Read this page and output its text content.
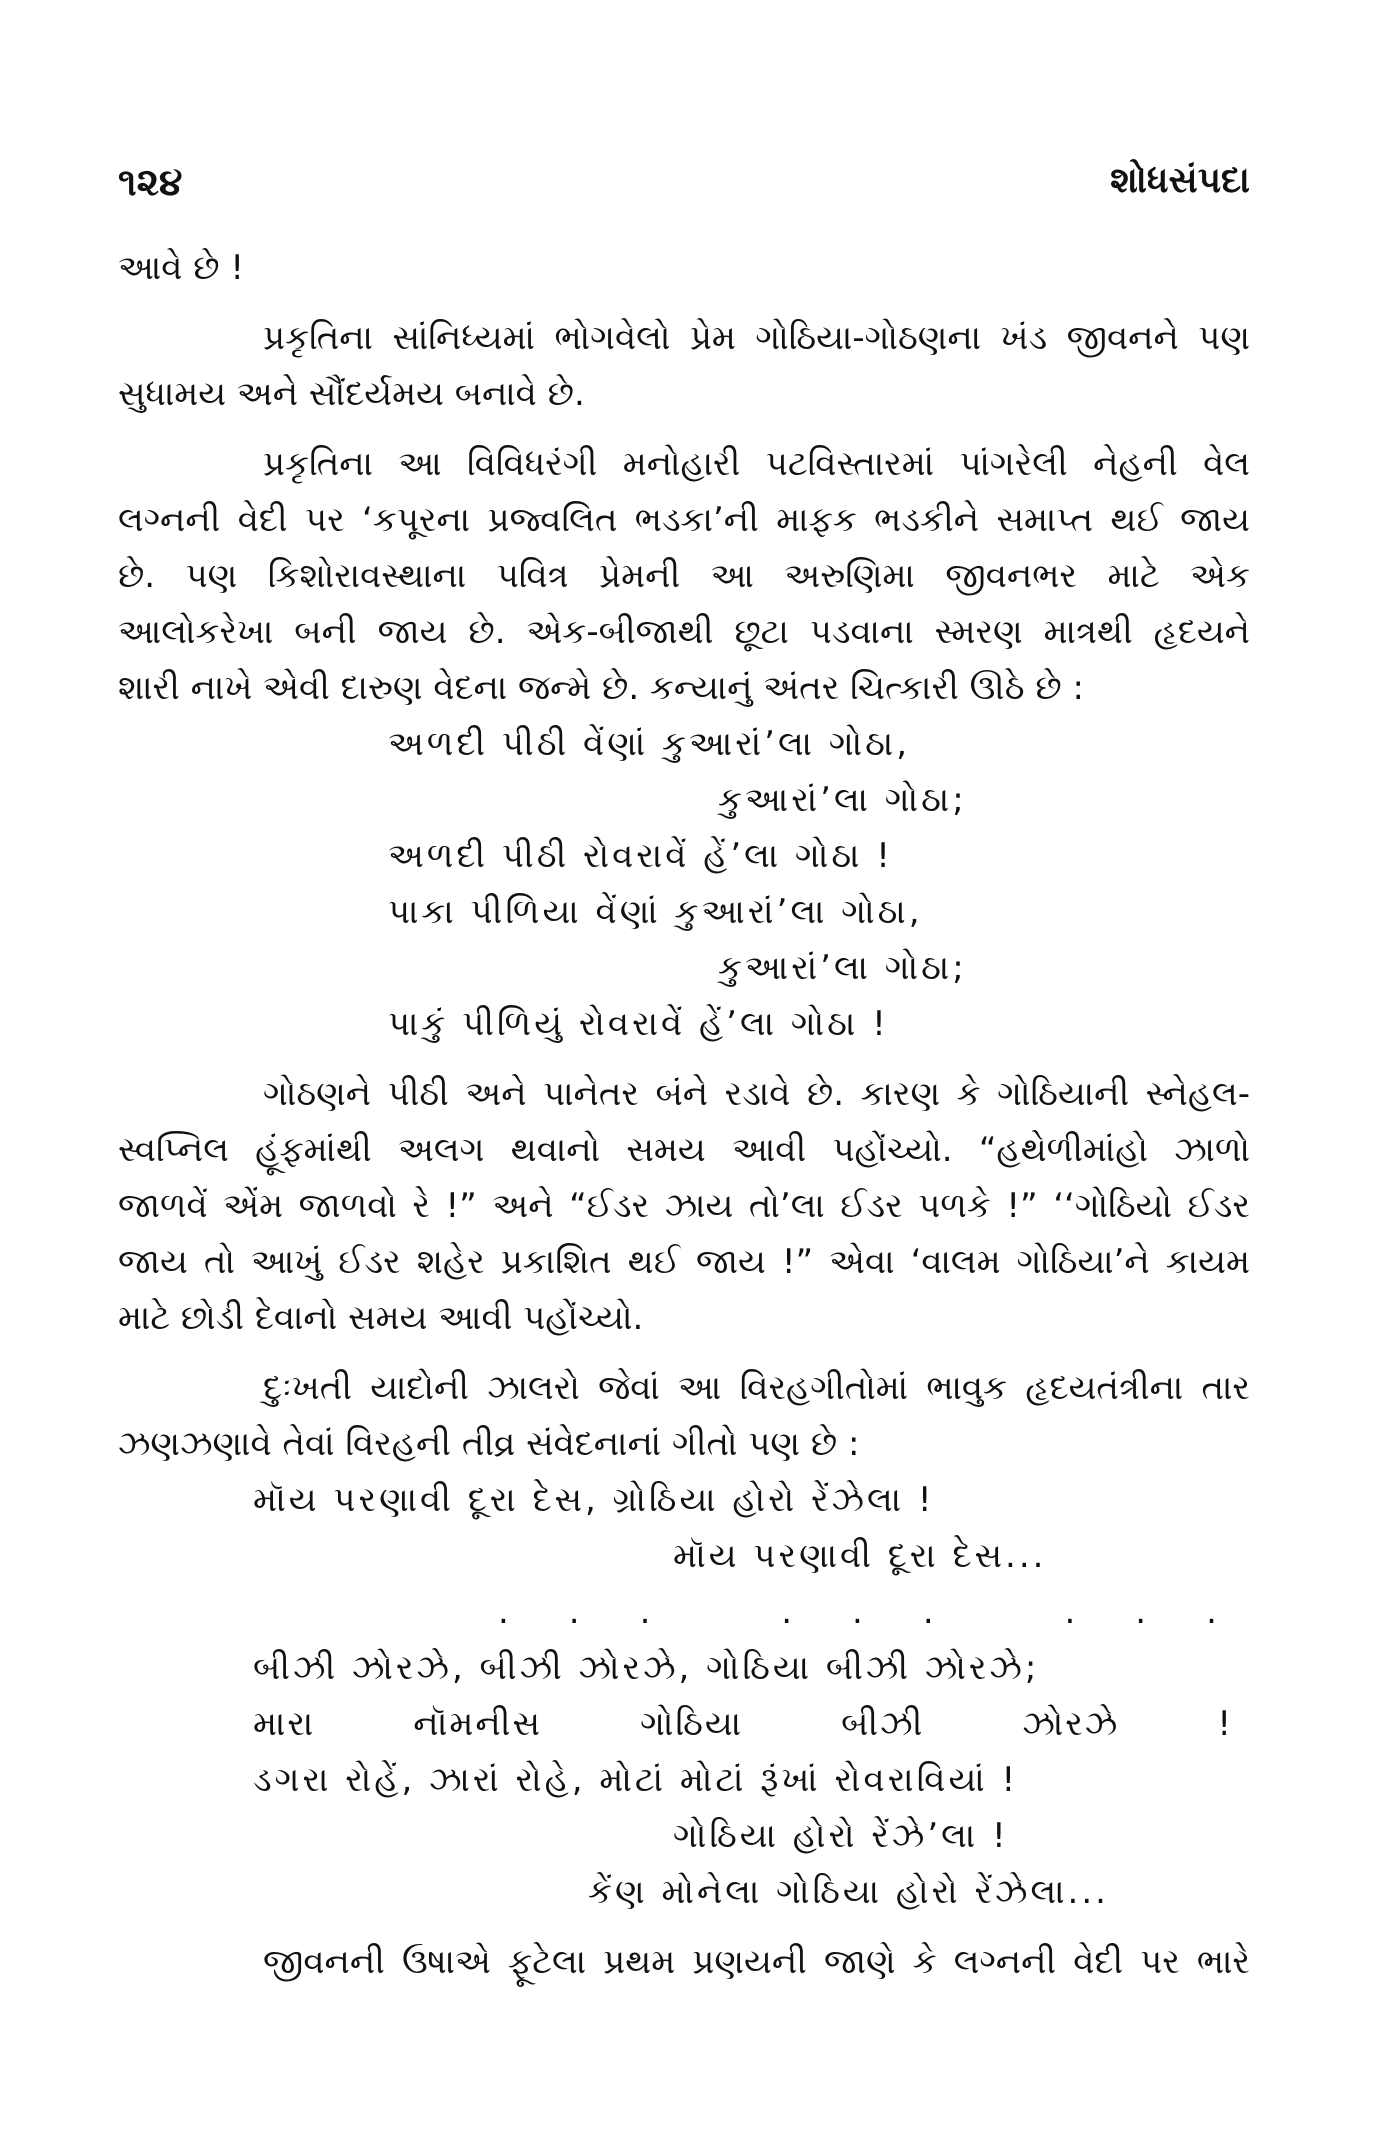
૧૨૪	શોધસંપદા
આવે છે !
પ્રકૃતિના સાંનિધ્યમાં ભોગવેલો પ્રેમ ગોઠિયા-ગોઠણના ખંડ જીવનને પણ
સુધામય અને સૌંદર્યમય બનાવે છે.
પ્રકૃતિના આ વિવિધરંગી મનોહારી પટવિસ્તારમાં પાંગરેલી નેહની વેલ
લગ્નની વેદી પર ‘કપૂરના પ્રજ્વલિત ભડકા’ની માફક ભડકીને સમાપ્ત થઈ જાય
છે. પણ કિશોરાવસ્થાના પવિત્ર પ્રેમની આ અરુણિમા જીવનભર માટે એક
આલોકરેખા બની જાય છે. એક-બીજાથી છૂટા પડવાના સ્મરણ માત્રથી હૃદયને
શારી નાખે એવી દારુણ વેદના જન્મે છે. કન્યાનું અંતર ચિત્કારી ઊઠે છે :
અળદી પીઠી વેંણાં કુઆરાં’લા ગોઠા,
કુઆરાં’લા ગોઠા;
અળદી પીઠી રોવરાવેં હેં’લા ગોઠા !
પાકા પીળિયા વેંણાં કુઆરાં’લા ગોઠા,
કુઆરાં’લા ગોઠા;
પાકું પીળિયું રોવરાવેં હેં’લા ગોઠા !
ગોઠણને પીઠી અને પાનેતર બંને રડાવે છે. કારણ કે ગોઠિયાની સ્નેહલ-
સ્વપ્નિલ હૂંફમાંથી અલગ થવાનો સમય આવી પહોંચ્યો. “હથેળીમાંહો ઝાળો
જાળવેં એંમ જાળવો રે !” અને “ઈડર ઝાય તો’લા ઈડર પળકે !” ‘‘ગોઠિયો ઈડર
જાય તો આખું ઈડર શહેર પ્રકાશિત થઈ જાય !” એવા ‘વાલમ ગોઠિયા’ને કાયમ
માટે છોડી દેવાનો સમય આવી પહોંચ્યો.
દુઃખતી યાદોની ઝાલરો જેવાં આ વિરહગીતોમાં ભાવુક હૃદયતંત્રીના તાર
ઝણઝણાવે તેવાં વિરહની તીવ્ર સંવેદનાનાં ગીતો પણ છે :
મૉય પરણાવી દૂરા દેસ, ગ્રોઠિયા હોરો રેંઝેલા !
મૉય પરણાવી દૂરા દેસ...
... ... ...
બીઝી ઝોરઝે, બીઝી ઝોરઝે, ગોઠિયા બીઝી ઝોરઝે;
મારા નૉમનીસ ગોઠિયા બીઝી ઝોરઝે !
ડગરા રોહેં, ઝારાં રોહે, મોટાં મોટાં રૂંખાં રોવરાવિયાં !
ગોઠિયા હોરો રેંઝે’લા !
કેંણ મોનેલા ગોઠિયા હોરો રેંઝેલા...
જીવનની ઉષાએ ફૂટેલા પ્રથમ પ્રણયની જાણે કે લગ્નની વેદી પર ભારે
